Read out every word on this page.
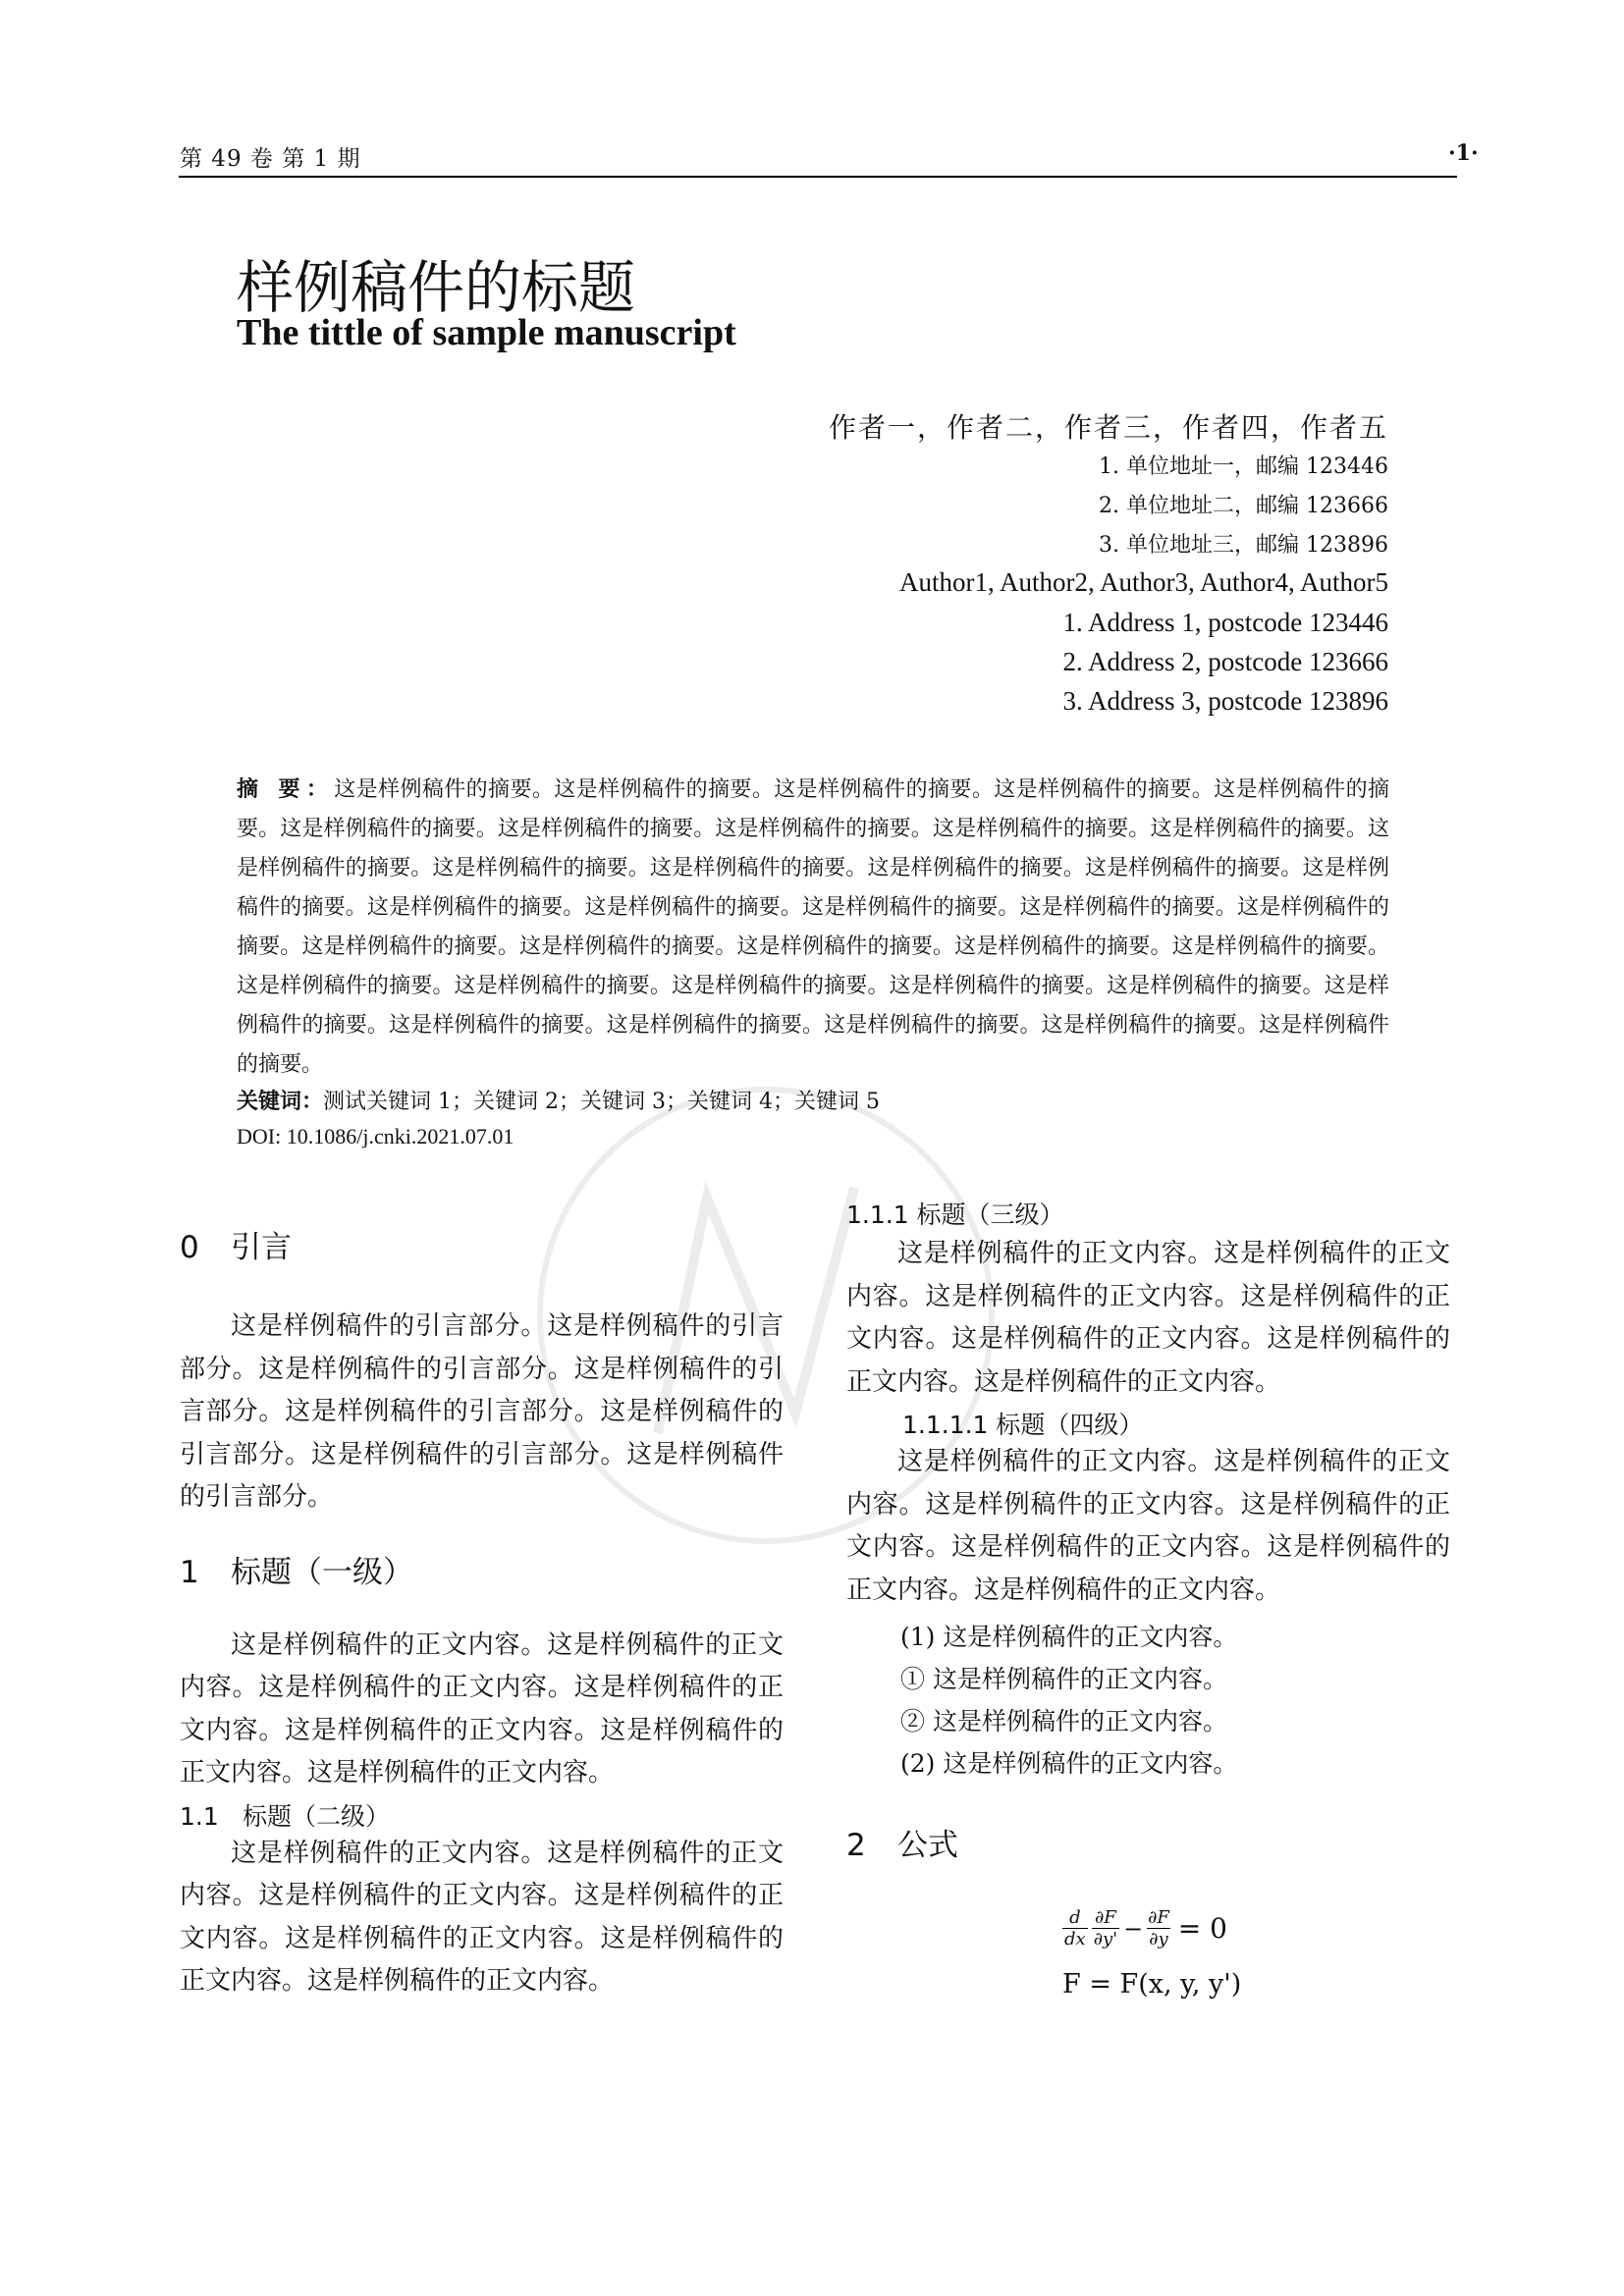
第 49 卷 第 1 期	·1·
样例稿件的标题
The tittle of sample manuscript
作者一，作者二，作者三，作者四，作者五
1. 单位地址一，邮编 123446
2. 单位地址二，邮编 123666
3. 单位地址三，邮编 123896
Author1, Author2, Author3, Author4, Author5
1. Address 1, postcode 123446
2. Address 2, postcode 123666
3. Address 3, postcode 123896
摘 要：这是样例稿件的摘要。这是样例稿件的摘要。这是样例稿件的摘要。这是样例稿件的摘要。这是样例稿件的摘要。这是样例稿件的摘要。这是样例稿件的摘要。这是样例稿件的摘要。这是样例稿件的摘要。这是样例稿件的摘要。这是样例稿件的摘要。这是样例稿件的摘要。这是样例稿件的摘要。这是样例稿件的摘要。这是样例稿件的摘要。这是样例稿件的摘要。这是样例稿件的摘要。这是样例稿件的摘要。这是样例稿件的摘要。这是样例稿件的摘要。这是样例稿件的摘要。这是样例稿件的摘要。这是样例稿件的摘要。这是样例稿件的摘要。这是样例稿件的摘要。这是样例稿件的摘要。这是样例稿件的摘要。这是样例稿件的摘要。这是样例稿件的摘要。这是样例稿件的摘要。这是样例稿件的摘要。这是样例稿件的摘要。这是样例稿件的摘要。这是样例稿件的摘要。这是样例稿件的摘要。这是样例稿件的摘要。这是样例稿件的摘要。
关键词：测试关键词 1；关键词 2；关键词 3；关键词 4；关键词 5
DOI: 10.1086/j.cnki.2021.07.01
0 引言

这是样例稿件的引言部分。这是样例稿件的引言部分。这是样例稿件的引言部分。这是样例稿件的引言部分。这是样例稿件的引言部分。这是样例稿件的引言部分。这是样例稿件的引言部分。这是样例稿件的引言部分。

1 标题（一级）

这是样例稿件的正文内容。这是样例稿件的正文内容。这是样例稿件的正文内容。这是样例稿件的正文内容。这是样例稿件的正文内容。这是样例稿件的正文内容。这是样例稿件的正文内容。

1.1 标题（二级）

这是样例稿件的正文内容。这是样例稿件的正文内容。这是样例稿件的正文内容。这是样例稿件的正文内容。这是样例稿件的正文内容。这是样例稿件的正文内容。这是样例稿件的正文内容。

1.1.1 标题（三级）

这是样例稿件的正文内容。这是样例稿件的正文内容。这是样例稿件的正文内容。这是样例稿件的正文内容。这是样例稿件的正文内容。这是样例稿件的正文内容。这是样例稿件的正文内容。

1.1.1.1 标题（四级）

这是样例稿件的正文内容。这是样例稿件的正文内容。这是样例稿件的正文内容。这是样例稿件的正文内容。这是样例稿件的正文内容。这是样例稿件的正文内容。这是样例稿件的正文内容。

(1) 这是样例稿件的正文内容。
① 这是样例稿件的正文内容。
② 这是样例稿件的正文内容。
(2) 这是样例稿件的正文内容。
2 公式
$\frac{d}{dx} \frac{\partial F}{\partial y'} - \frac{\partial F}{\partial y} = 0$
F = F(x, y, y')
